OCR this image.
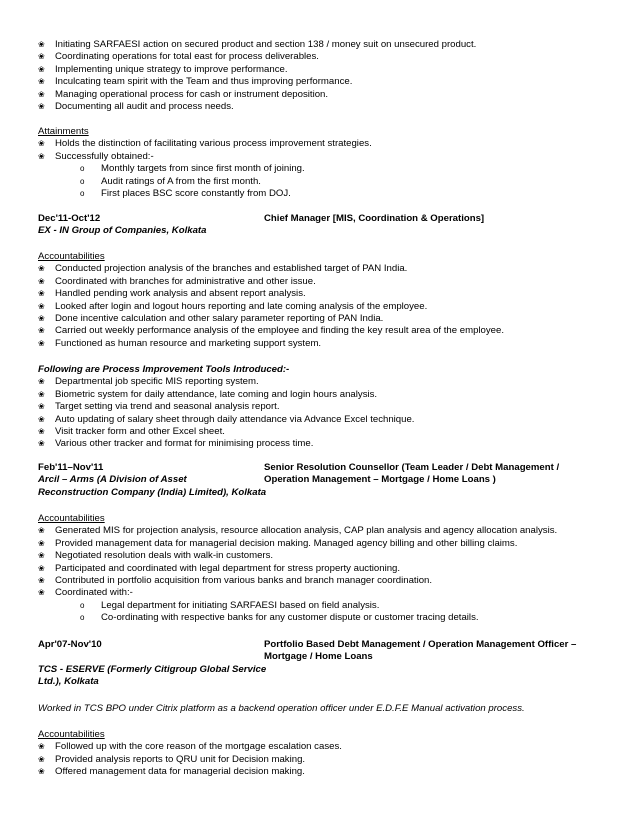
❀	Initiating SARFAESI action on secured product and section 138 / money suit on unsecured product.
❀	Coordinating operations for total east for process deliverables.
❀	Implementing unique strategy to improve performance.
❀	Inculcating team spirit with the Team and thus improving performance.
❀	Managing operational process for cash or instrument deposition.
❀	Documenting all audit and process needs.
Attainments
❀	Holds the distinction of facilitating various process improvement strategies.
❀	Successfully obtained:-
o Monthly targets from since first month of joining.
o Audit ratings of A from the first month.
o First places BSC score constantly from DOJ.
Dec'11-Oct'12	Chief Manager [MIS, Coordination & Operations]
EX - IN Group of Companies, Kolkata
Accountabilities
❀	Conducted projection analysis of the branches and established target of PAN India.
❀	Coordinated with branches for administrative and other issue.
❀	Handled pending work analysis and absent report analysis.
❀	Looked after login and logout hours reporting and late coming analysis of the employee.
❀	Done incentive calculation and other salary parameter reporting of PAN India.
❀	Carried out weekly performance analysis of the employee and finding the key result area of the employee.
❀	Functioned as human resource and marketing support system.
Following are Process Improvement Tools Introduced:-
❀	Departmental job specific MIS reporting system.
❀	Biometric system for daily attendance, late coming and login hours analysis.
❀	Target setting via trend and seasonal analysis report.
❀	Auto updating of salary sheet through daily attendance via Advance Excel technique.
❀	Visit tracker form and other Excel sheet.
❀	Various other tracker and format for minimising process time.
Feb'11–Nov'11	Senior Resolution Counsellor (Team Leader / Debt Management /
Arcil – Arms (A Division of Asset	Operation Management – Mortgage / Home Loans )
Reconstruction Company (India) Limited), Kolkata
Accountabilities
❀	Generated MIS for projection analysis, resource allocation analysis, CAP plan analysis and agency allocation analysis.
❀	Provided management data for managerial decision making. Managed agency billing and other billing claims.
❀	Negotiated resolution deals with walk-in customers.
❀	Participated and coordinated with legal department for stress property auctioning.
❀	Contributed in portfolio acquisition from various banks and branch manager coordination.
❀	Coordinated with:-
o Legal department for initiating SARFAESI based on field analysis.
o Co-ordinating with respective banks for any customer dispute or customer tracing details.
Apr'07-Nov'10	Portfolio Based Debt Management / Operation Management Officer –
Mortgage / Home Loans
TCS - ESERVE (Formerly Citigroup Global Service
Ltd.), Kolkata
Worked in TCS BPO under Citrix platform as a backend operation officer under E.D.F.E Manual activation process.
Accountabilities
❀	Followed up with the core reason of the mortgage escalation cases.
❀	Provided analysis reports to QRU unit for Decision making.
❀	Offered management data for managerial decision making.
